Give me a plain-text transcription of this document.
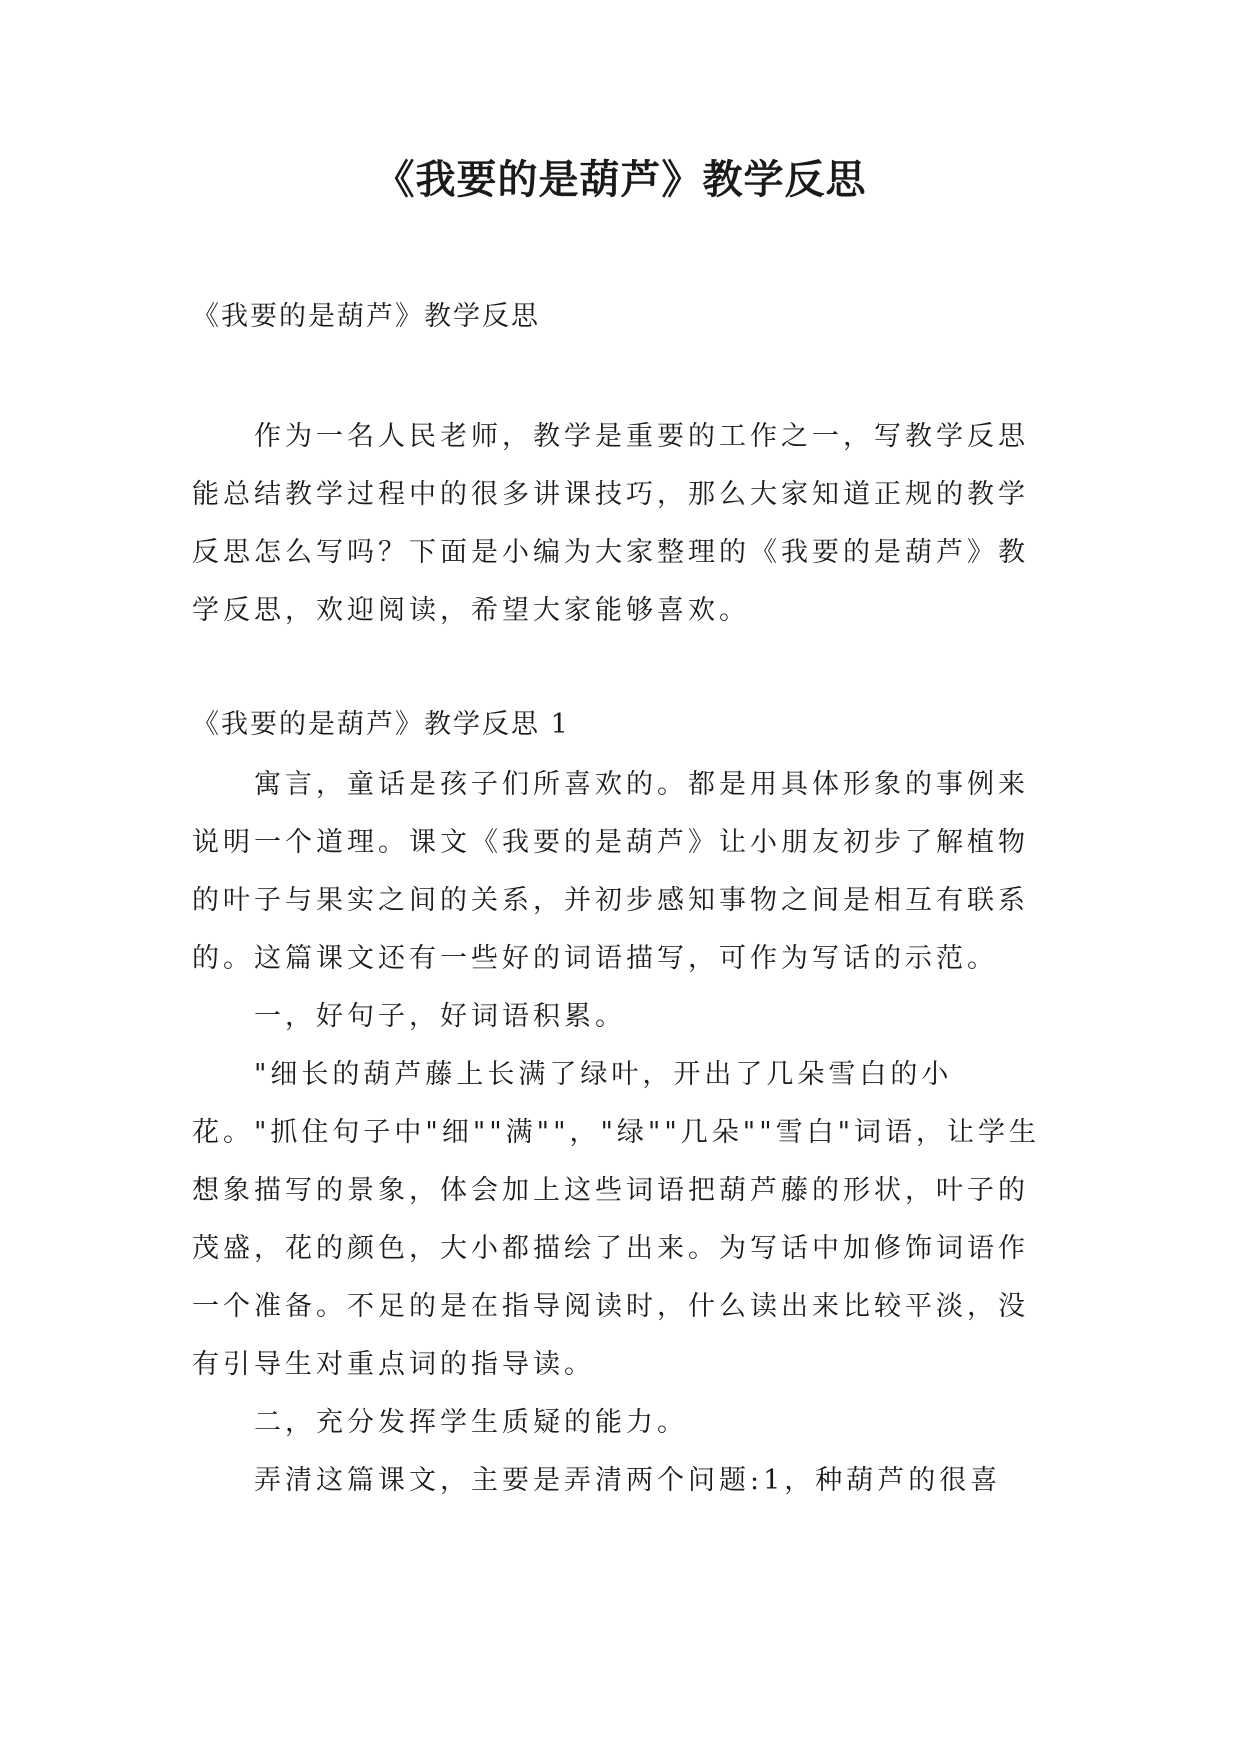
《我要的是葫芦》教学反思

《我要的是葫芦》教学反思

作为一名人民老师，教学是重要的工作之一，写教学反思能总结教学过程中的很多讲课技巧，那么大家知道正规的教学反思怎么写吗？下面是小编为大家整理的《我要的是葫芦》教学反思，欢迎阅读，希望大家能够喜欢。

《我要的是葫芦》教学反思 1

寓言，童话是孩子们所喜欢的。都是用具体形象的事例来说明一个道理。课文《我要的是葫芦》让小朋友初步了解植物的叶子与果实之间的关系，并初步感知事物之间是相互有联系的。这篇课文还有一些好的词语描写，可作为写话的示范。

一，好句子，好词语积累。

"细长的葫芦藤上长满了绿叶，开出了几朵雪白的小花。"抓住句子中"细""满""，"绿""几朵""雪白"词语，让学生想象描写的景象，体会加上这些词语把葫芦藤的形状，叶子的茂盛，花的颜色，大小都描绘了出来。为写话中加修饰词语作一个准备。不足的是在指导阅读时，什么读出来比较平淡，没有引导生对重点词的指导读。

二，充分发挥学生质疑的能力。

弄清这篇课文，主要是弄清两个问题:1，种葫芦的很喜
